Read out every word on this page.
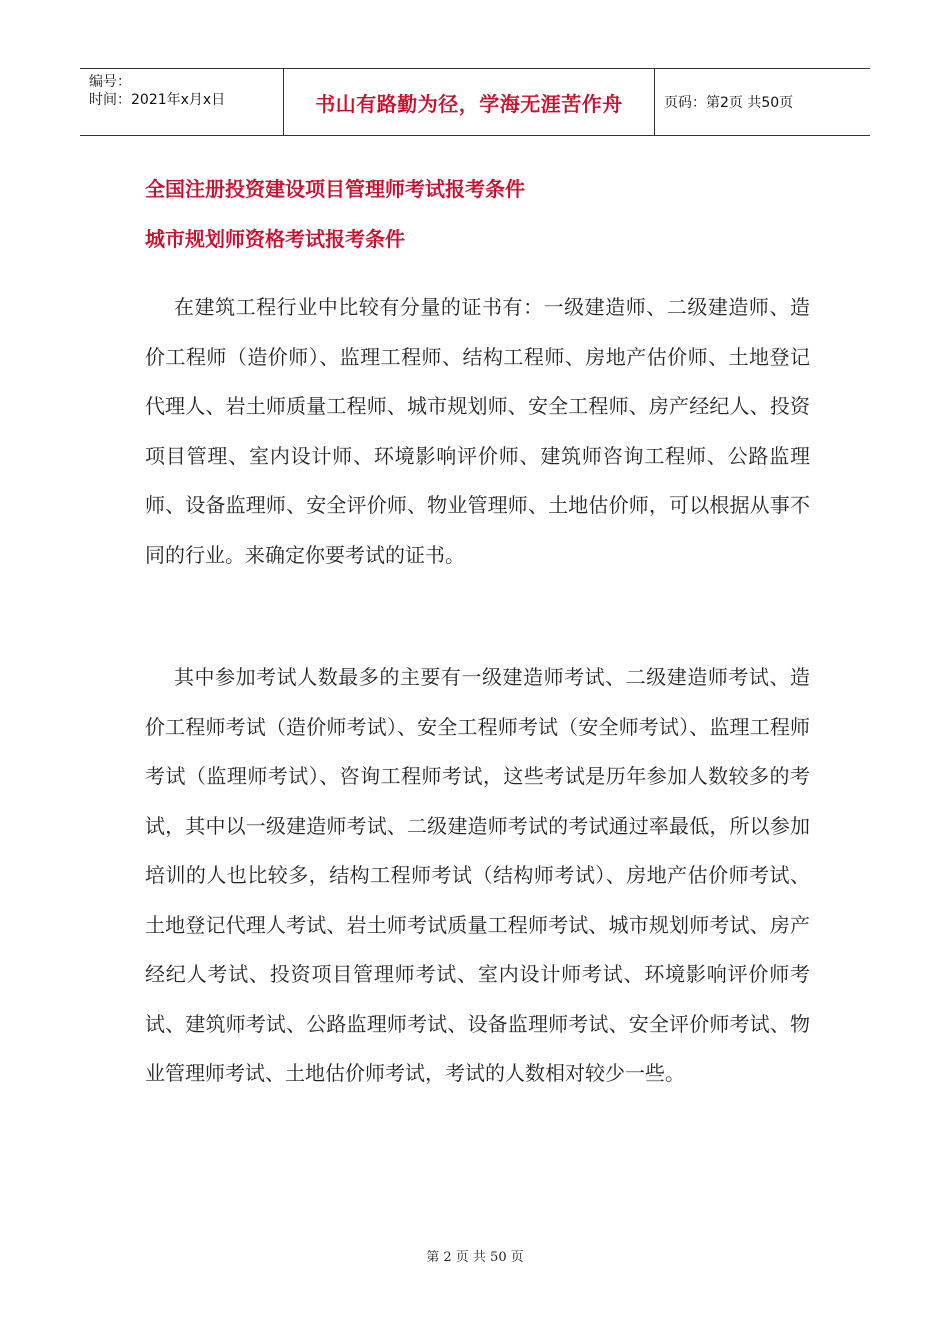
编号：
时间：2021年x月x日	书山有路勤为径，学海无涯苦作舟	页码：第2页 共50页
全国注册投资建设项目管理师考试报考条件
城市规划师资格考试报考条件
在建筑工程行业中比较有分量的证书有：一级建造师、二级建造师、造价工程师（造价师）、监理工程师、结构工程师、房地产估价师、土地登记代理人、岩土师质量工程师、城市规划师、安全工程师、房产经纪人、投资项目管理、室内设计师、环境影响评价师、建筑师咨询工程师、公路监理师、设备监理师、安全评价师、物业管理师、土地估价师，可以根据从事不同的行业。来确定你要考试的证书。
其中参加考试人数最多的主要有一级建造师考试、二级建造师考试、造价工程师考试（造价师考试）、安全工程师考试（安全师考试）、监理工程师考试（监理师考试）、咨询工程师考试，这些考试是历年参加人数较多的考试，其中以一级建造师考试、二级建造师考试的考试通过率最低，所以参加培训的人也比较多，结构工程师考试（结构师考试）、房地产估价师考试、土地登记代理人考试、岩土师考试质量工程师考试、城市规划师考试、房产经纪人考试、投资项目管理师考试、室内设计师考试、环境影响评价师考试、建筑师考试、公路监理师考试、设备监理师考试、安全评价师考试、物业管理师考试、土地估价师考试，考试的人数相对较少一些。
第 2 页 共 50 页
